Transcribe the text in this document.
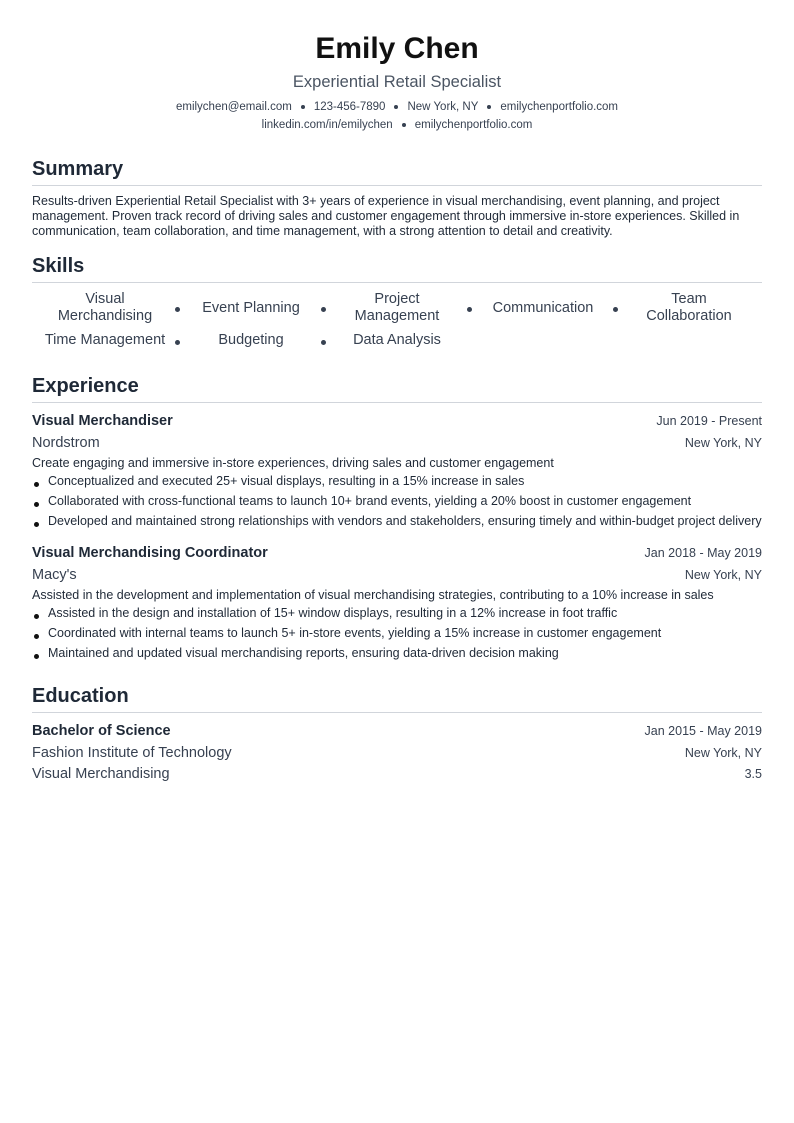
Emily Chen
Experiential Retail Specialist
emilychen@email.com 123-456-7890 New York, NY emilychenportfolio.com
linkedin.com/in/emilychen emilychenportfolio.com
Summary
Results-driven Experiential Retail Specialist with 3+ years of experience in visual merchandising, event planning, and project management. Proven track record of driving sales and customer engagement through immersive in-store experiences. Skilled in communication, team collaboration, and time management, with a strong attention to detail and creativity.
Skills
Visual Merchandising
Event Planning
Project Management
Communication
Team Collaboration
Time Management	Budgeting	Data Analysis
Experience
Visual Merchandiser	Jun 2019 - Present
Nordstrom	New York, NY
Create engaging and immersive in-store experiences, driving sales and customer engagement
Conceptualized and executed 25+ visual displays, resulting in a 15% increase in sales
Collaborated with cross-functional teams to launch 10+ brand events, yielding a 20% boost in customer engagement
Developed and maintained strong relationships with vendors and stakeholders, ensuring timely and within-budget project delivery
Visual Merchandising Coordinator	Jan 2018 - May 2019
Macy's	New York, NY
Assisted in the development and implementation of visual merchandising strategies, contributing to a 10% increase in sales
Assisted in the design and installation of 15+ window displays, resulting in a 12% increase in foot traffic
Coordinated with internal teams to launch 5+ in-store events, yielding a 15% increase in customer engagement
Maintained and updated visual merchandising reports, ensuring data-driven decision making
Education
Bachelor of Science	Jan 2015 - May 2019
Fashion Institute of Technology	New York, NY
Visual Merchandising	3.5
